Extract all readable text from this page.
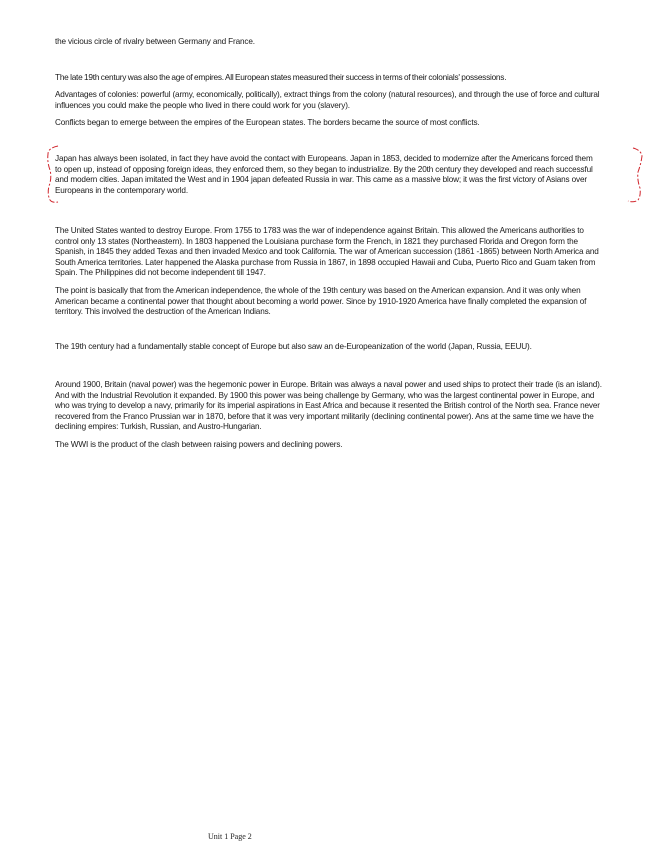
the vicious circle of rivalry between Germany and France.

The late 19th century was also the age of empires. All European states measured their success in terms of their colonials' possessions.

Advantages of colonies: powerful (army, economically, politically), extract things from the colony (natural resources), and through the use of force and cultural influences you could make the people who lived in there could work for you (slavery).

Conflicts began to emerge between the empires of the European states. The borders became the source of most conflicts.

Japan has always been isolated, in fact they have avoid the contact with Europeans. Japan in 1853, decided to modernize after the Americans forced them to open up, instead of opposing foreign ideas, they enforced them, so they began to industrialize. By the 20th century they developed and reach successful and modern cities. Japan imitated the West and in 1904 japan defeated Russia in war. This came as a massive blow; it was the first victory of Asians over Europeans in the contemporary world.

The United States wanted to destroy Europe. From 1755 to 1783 was the war of independence against Britain. This allowed the Americans authorities to control only 13 states (Northeastern). In 1803 happened the Louisiana purchase form the French, in 1821 they purchased Florida and Oregon form the Spanish, in 1845 they added Texas and then invaded Mexico and took California. The war of American succession (1861 -1865) between North America and South America territories. Later happened the Alaska purchase from Russia in 1867, in 1898 occupied Hawaii and Cuba, Puerto Rico and Guam taken from Spain. The Philippines did not become independent till 1947.

The point is basically that from the American independence, the whole of the 19th century was based on the American expansion. And it was only when American became a continental power that thought about becoming a world power. Since by 1910-1920 America have finally completed the expansion of territory. This involved the destruction of the American Indians.

The 19th century had a fundamentally stable concept of Europe but also saw an de-Europeanization of the world (Japan, Russia, EEUU).

Around 1900, Britain (naval power) was the hegemonic power in Europe. Britain was always a naval power and used ships to protect their trade (is an island). And with the Industrial Revolution it expanded. By 1900 this power was being challenge by Germany, who was the largest continental power in Europe, and who was trying to develop a navy, primarily for its imperial aspirations in East Africa and because it resented the British control of the North sea. France never recovered from the Franco Prussian war in 1870, before that it was very important militarily (declining continental power). Ans at the same time we have the declining empires: Turkish, Russian, and Austro-Hungarian.

The WWI is the product of the clash between raising powers and declining powers.

Unit 1 Page 2
